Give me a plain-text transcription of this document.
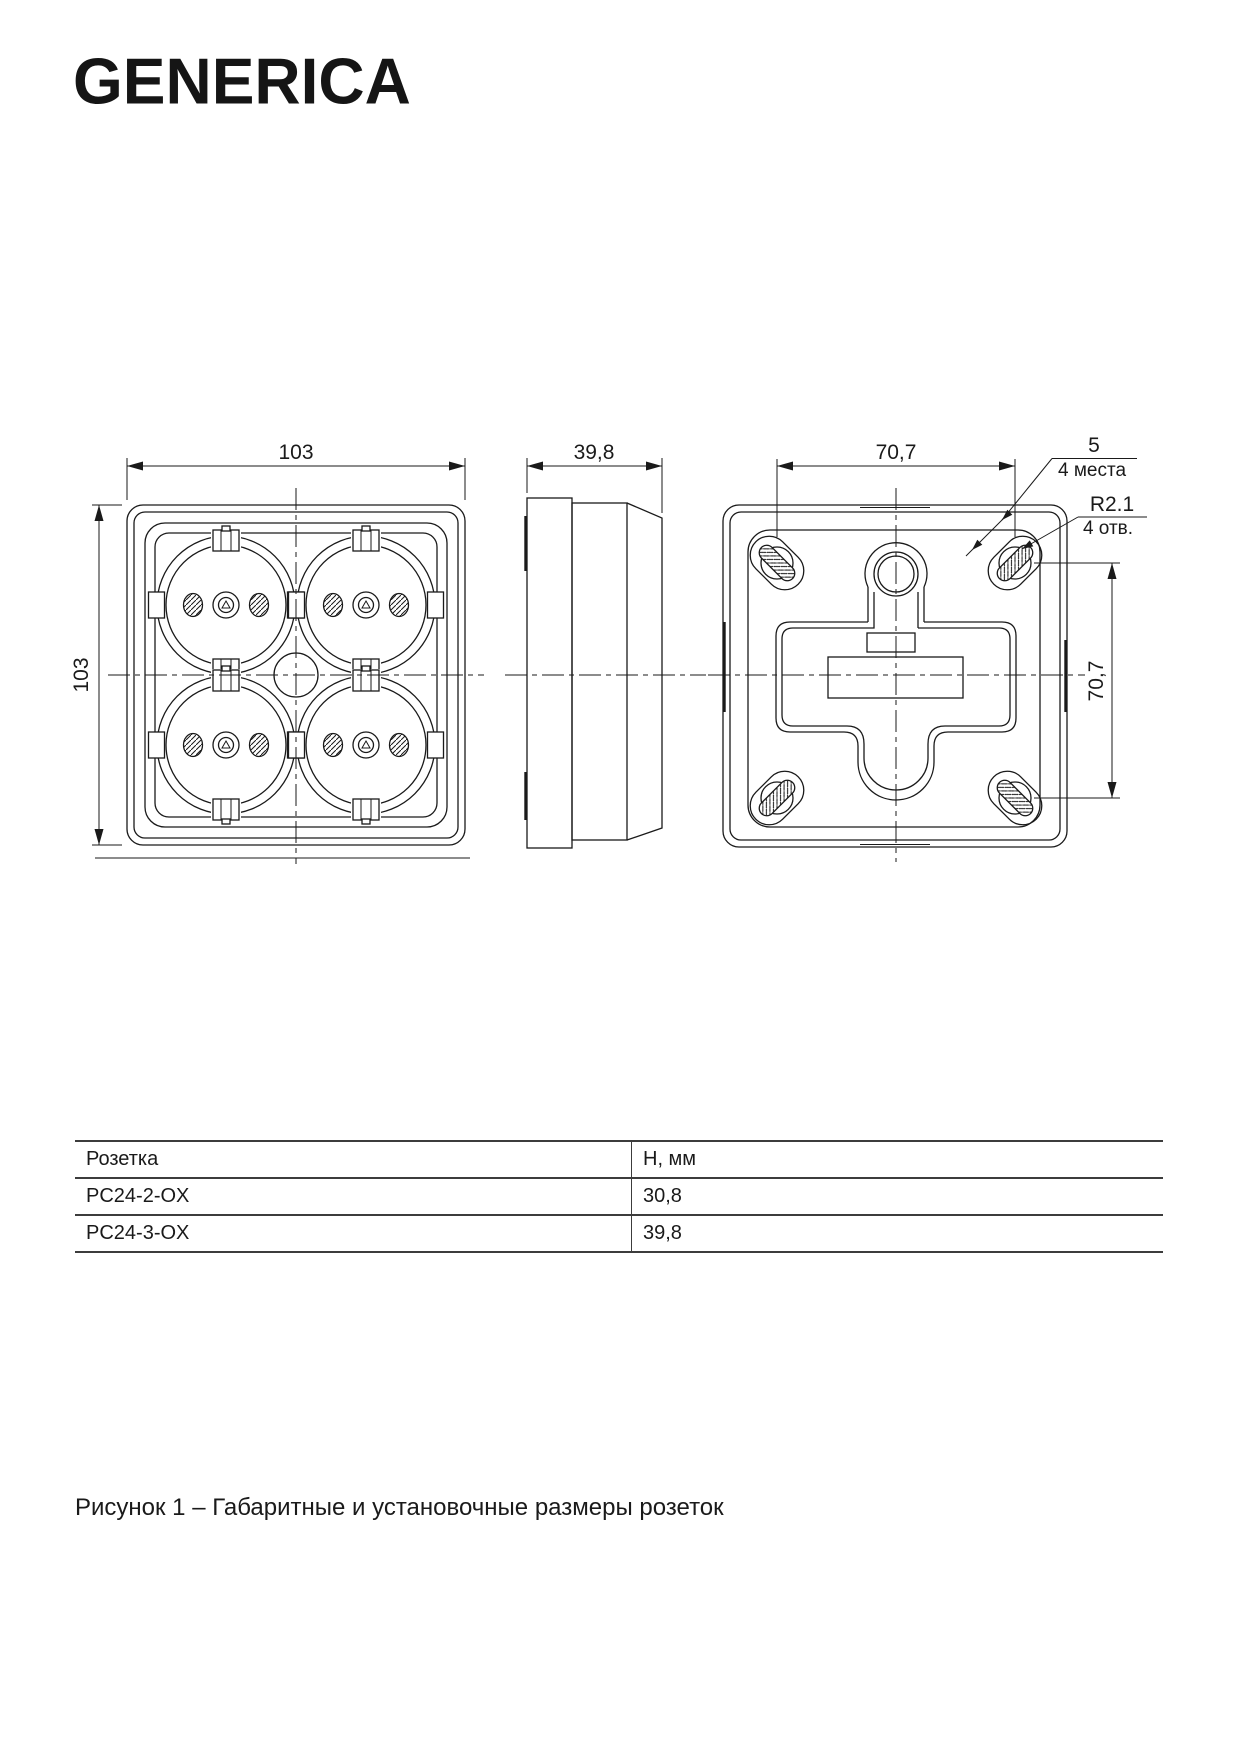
GENERICA
103
103
39,8	70,7
70,7
5
4 места
R2.1
4 отв.
Розетка	H, мм
PC24-2-OX	30,8
PC24-3-OX	39,8
Рисунок 1 – Габаритные и установочные размеры розеток
